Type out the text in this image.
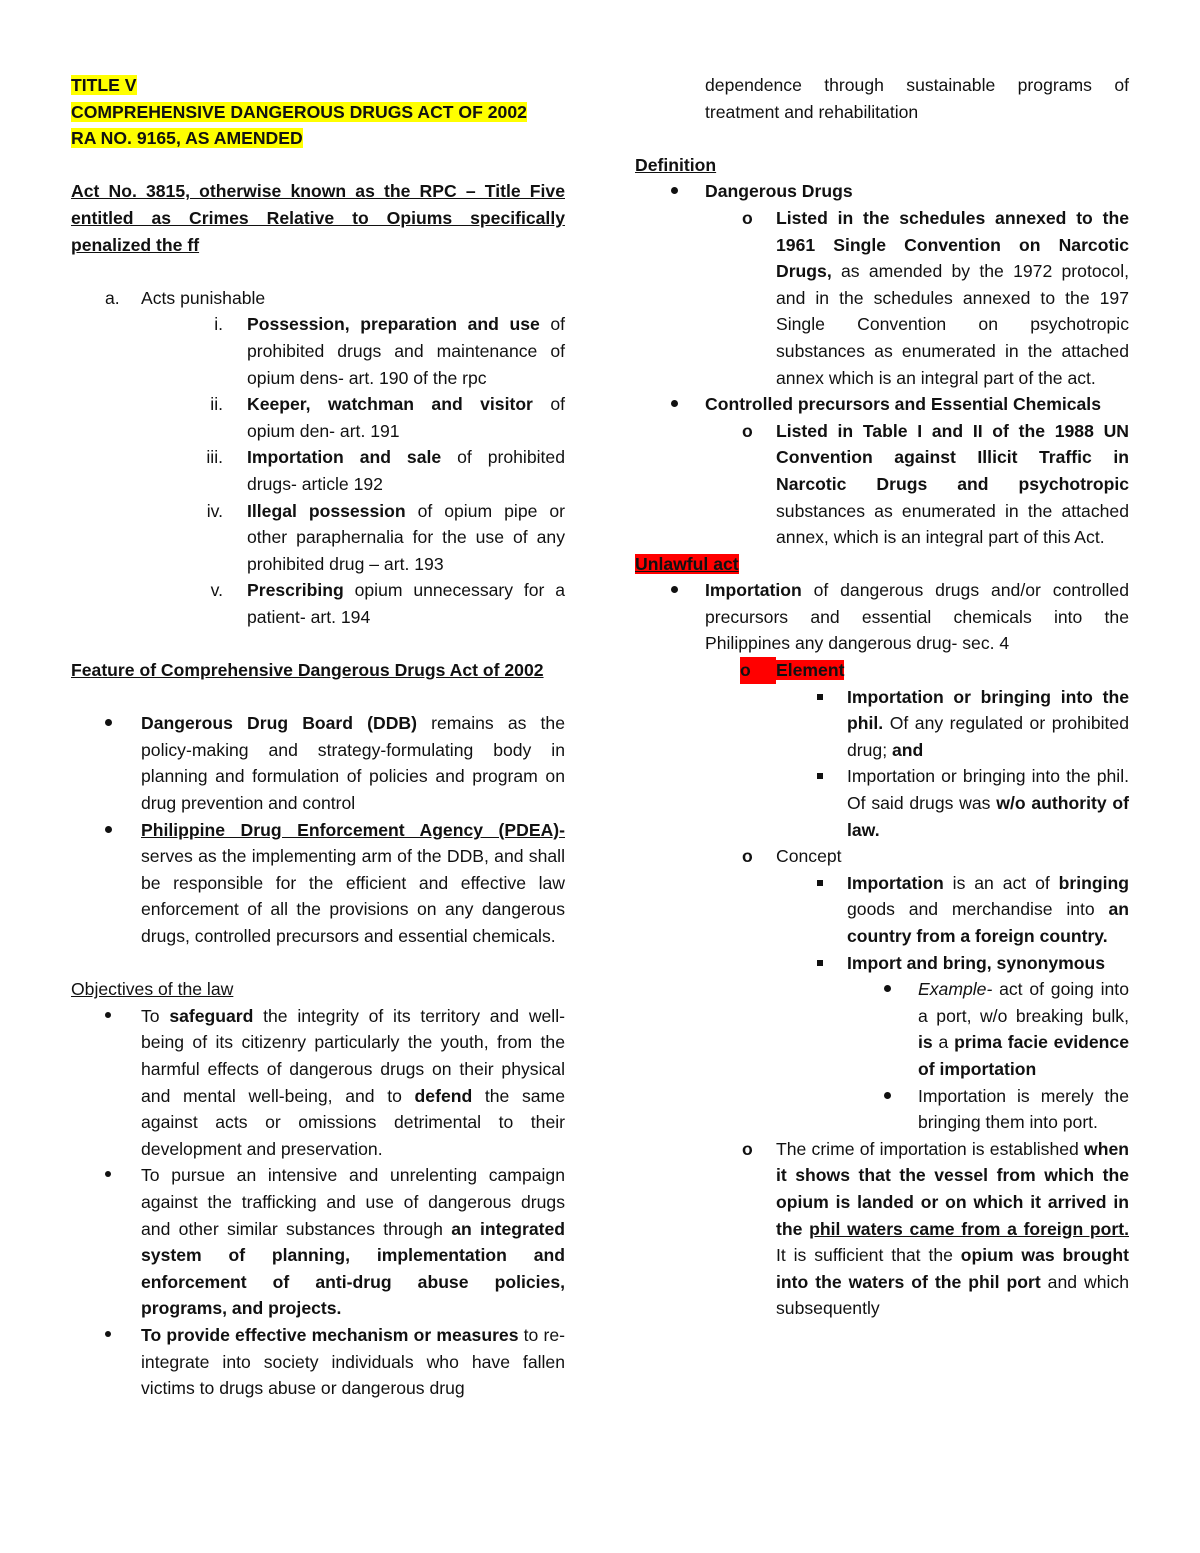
TITLE V

COMPREHENSIVE DANGEROUS DRUGS ACT OF 2002

RA NO. 9165, AS AMENDED

Act No. 3815, otherwise known as the RPC – Title Five entitled as Crimes Relative to Opiums specifically penalized the ff

a. Acts punishable

i. Possession, preparation and use of prohibited drugs and maintenance of opium dens- art. 190 of the rpc
ii. Keeper, watchman and visitor of opium den- art. 191
iii. Importation and sale of prohibited drugs- article 192
iv. Illegal possession of opium pipe or other paraphernalia for the use of any prohibited drug – art. 193
v. Prescribing opium unnecessary for a patient- art. 194

Feature of Comprehensive Dangerous Drugs Act of 2002

Dangerous Drug Board (DDB) remains as the policy-making and strategy-formulating body in planning and formulation of policies and program on drug prevention and control
Philippine Drug Enforcement Agency (PDEA)- serves as the implementing arm of the DDB, and shall be responsible for the efficient and effective law enforcement of all the provisions on any dangerous drugs, controlled precursors and essential chemicals.

Objectives of the law

To safeguard the integrity of its territory and well-being of its citizenry particularly the youth, from the harmful effects of dangerous drugs on their physical and mental well-being, and to defend the same against acts or omissions detrimental to their development and preservation.
To pursue an intensive and unrelenting campaign against the trafficking and use of dangerous drugs and other similar substances through an integrated system of planning, implementation and enforcement of anti-drug abuse policies, programs, and projects.
To provide effective mechanism or measures to re-integrate into society individuals who have fallen victims to drugs abuse or dangerous drug

dependence through sustainable programs of treatment and rehabilitation

Definition

Dangerous Drugs
o Listed in the schedules annexed to the 1961 Single Convention on Narcotic Drugs, as amended by the 1972 protocol, and in the schedules annexed to the 197 Single Convention on psychotropic substances as enumerated in the attached annex which is an integral part of the act.
Controlled precursors and Essential Chemicals
o Listed in Table I and II of the 1988 UN Convention against Illicit Traffic in Narcotic Drugs and psychotropic substances as enumerated in the attached annex, which is an integral part of this Act.

Unlawful act

Importation of dangerous drugs and/or controlled precursors and essential chemicals into the Philippines any dangerous drug- sec. 4
o	Element
Importation or bringing into the phil. Of any regulated or prohibited drug; and
Importation or bringing into the phil. Of said drugs was w/o authority of law.
o Concept
Importation is an act of bringing goods and merchandise into an country from a foreign country.
Import and bring, synonymous
Example- act of going into a port, w/o breaking bulk, is a prima facie evidence of importation
Importation is merely the bringing them into port.
o The crime of importation is established when it shows that the vessel from which the opium is landed or on which it arrived in the phil waters came from a foreign port. It is sufficient that the opium was brought into the waters of the phil port and which subsequently
